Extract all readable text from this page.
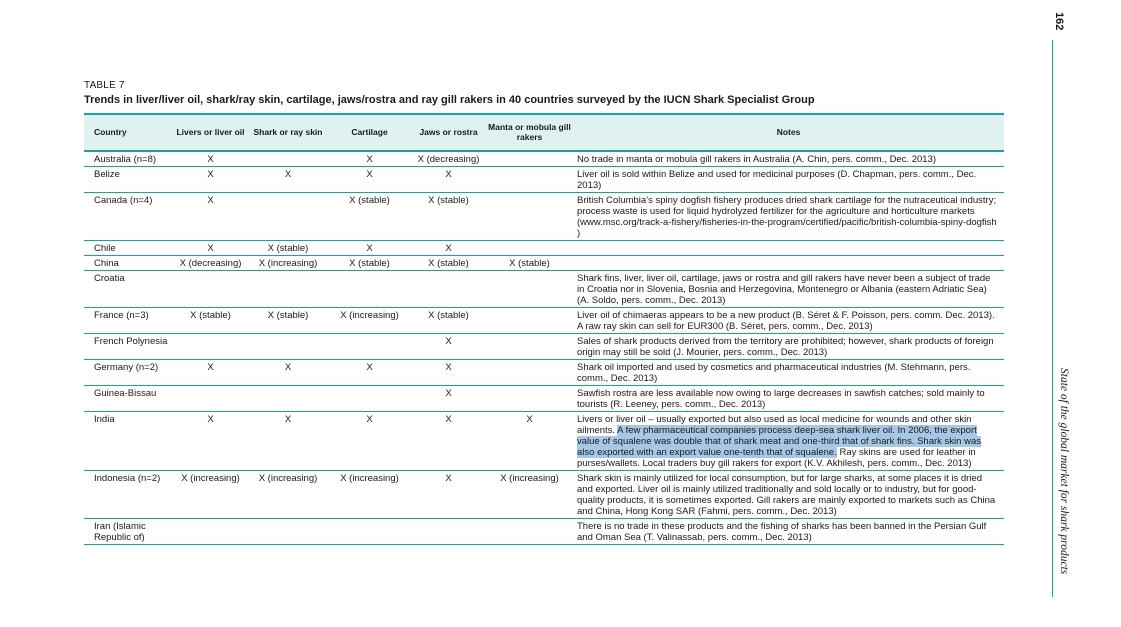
162
State of the global market for shark products
TABLE 7
Trends in liver/liver oil, shark/ray skin, cartilage, jaws/rostra and ray gill rakers in 40 countries surveyed by the IUCN Shark Specialist Group
Country	Livers or liver oil	Shark or ray skin	Cartilage	Jaws or rostra	Manta or mobula gill rakers	Notes
Australia (n=8)	X		X	X (decreasing)		No trade in manta or mobula gill rakers in Australia (A. Chin, pers. comm., Dec. 2013)
Belize	X	X	X	X		Liver oil is sold within Belize and used for medicinal purposes (D. Chapman, pers. comm., Dec. 2013)
Canada (n=4)	X		X (stable)	X (stable)		British Columbia’s spiny dogfish fishery produces dried shark cartilage for the nutraceutical industry; process waste is used for liquid hydrolyzed fertilizer for the agriculture and horticulture markets (www.msc.org/track-a-fishery/fisheries-in-the-program/certified/pacific/british-columbia-spiny-dogfish )
Chile	X	X (stable)	X	X		
China	X (decreasing)	X (increasing)	X (stable)	X (stable)	X (stable)	
Croatia						Shark fins, liver, liver oil, cartilage, jaws or rostra and gill rakers have never been a subject of trade in Croatia nor in Slovenia, Bosnia and Herzegovina, Montenegro or Albania (eastern Adriatic Sea) (A. Soldo, pers. comm., Dec. 2013)
France (n=3)	X (stable)	X (stable)	X (increasing)	X (stable)		Liver oil of chimaeras appears to be a new product (B. Séret & F. Poisson, pers. comm. Dec. 2013). A raw ray skin can sell for EUR300 (B. Séret, pers. comm., Dec. 2013)
French Polynesia				X		Sales of shark products derived from the territory are prohibited; however, shark products of foreign origin may still be sold (J. Mourier, pers. comm., Dec. 2013)
Germany (n=2)	X	X	X	X		Shark oil imported and used by cosmetics and pharmaceutical industries (M. Stehmann, pers. comm., Dec. 2013)
Guinea-Bissau				X		Sawfish rostra are less available now owing to large decreases in sawfish catches; sold mainly to tourists (R. Leeney, pers. comm., Dec. 2013)
India	X	X	X	X	X	Livers or liver oil – usually exported but also used as local medicine for wounds and other skin ailments. A few pharmaceutical companies process deep-sea shark liver oil. In 2006, the export value of squalene was double that of shark meat and one-third that of shark fins. Shark skin was also exported with an export value one-tenth that of squalene. Ray skins are used for leather in purses/wallets. Local traders buy gill rakers for export (K.V. Akhilesh, pers. comm., Dec. 2013)
Indonesia (n=2)	X (increasing)	X (increasing)	X (increasing)	X	X (increasing)	Shark skin is mainly utilized for local consumption, but for large sharks, at some places it is dried and exported. Liver oil is mainly utilized traditionally and sold locally or to industry, but for good-quality products, it is sometimes exported. Gill rakers are mainly exported to markets such as China and China, Hong Kong SAR (Fahmi, pers. comm., Dec. 2013)
Iran (Islamic Republic of)						There is no trade in these products and the fishing of sharks has been banned in the Persian Gulf and Oman Sea (T. Valinassab, pers. comm., Dec. 2013)
